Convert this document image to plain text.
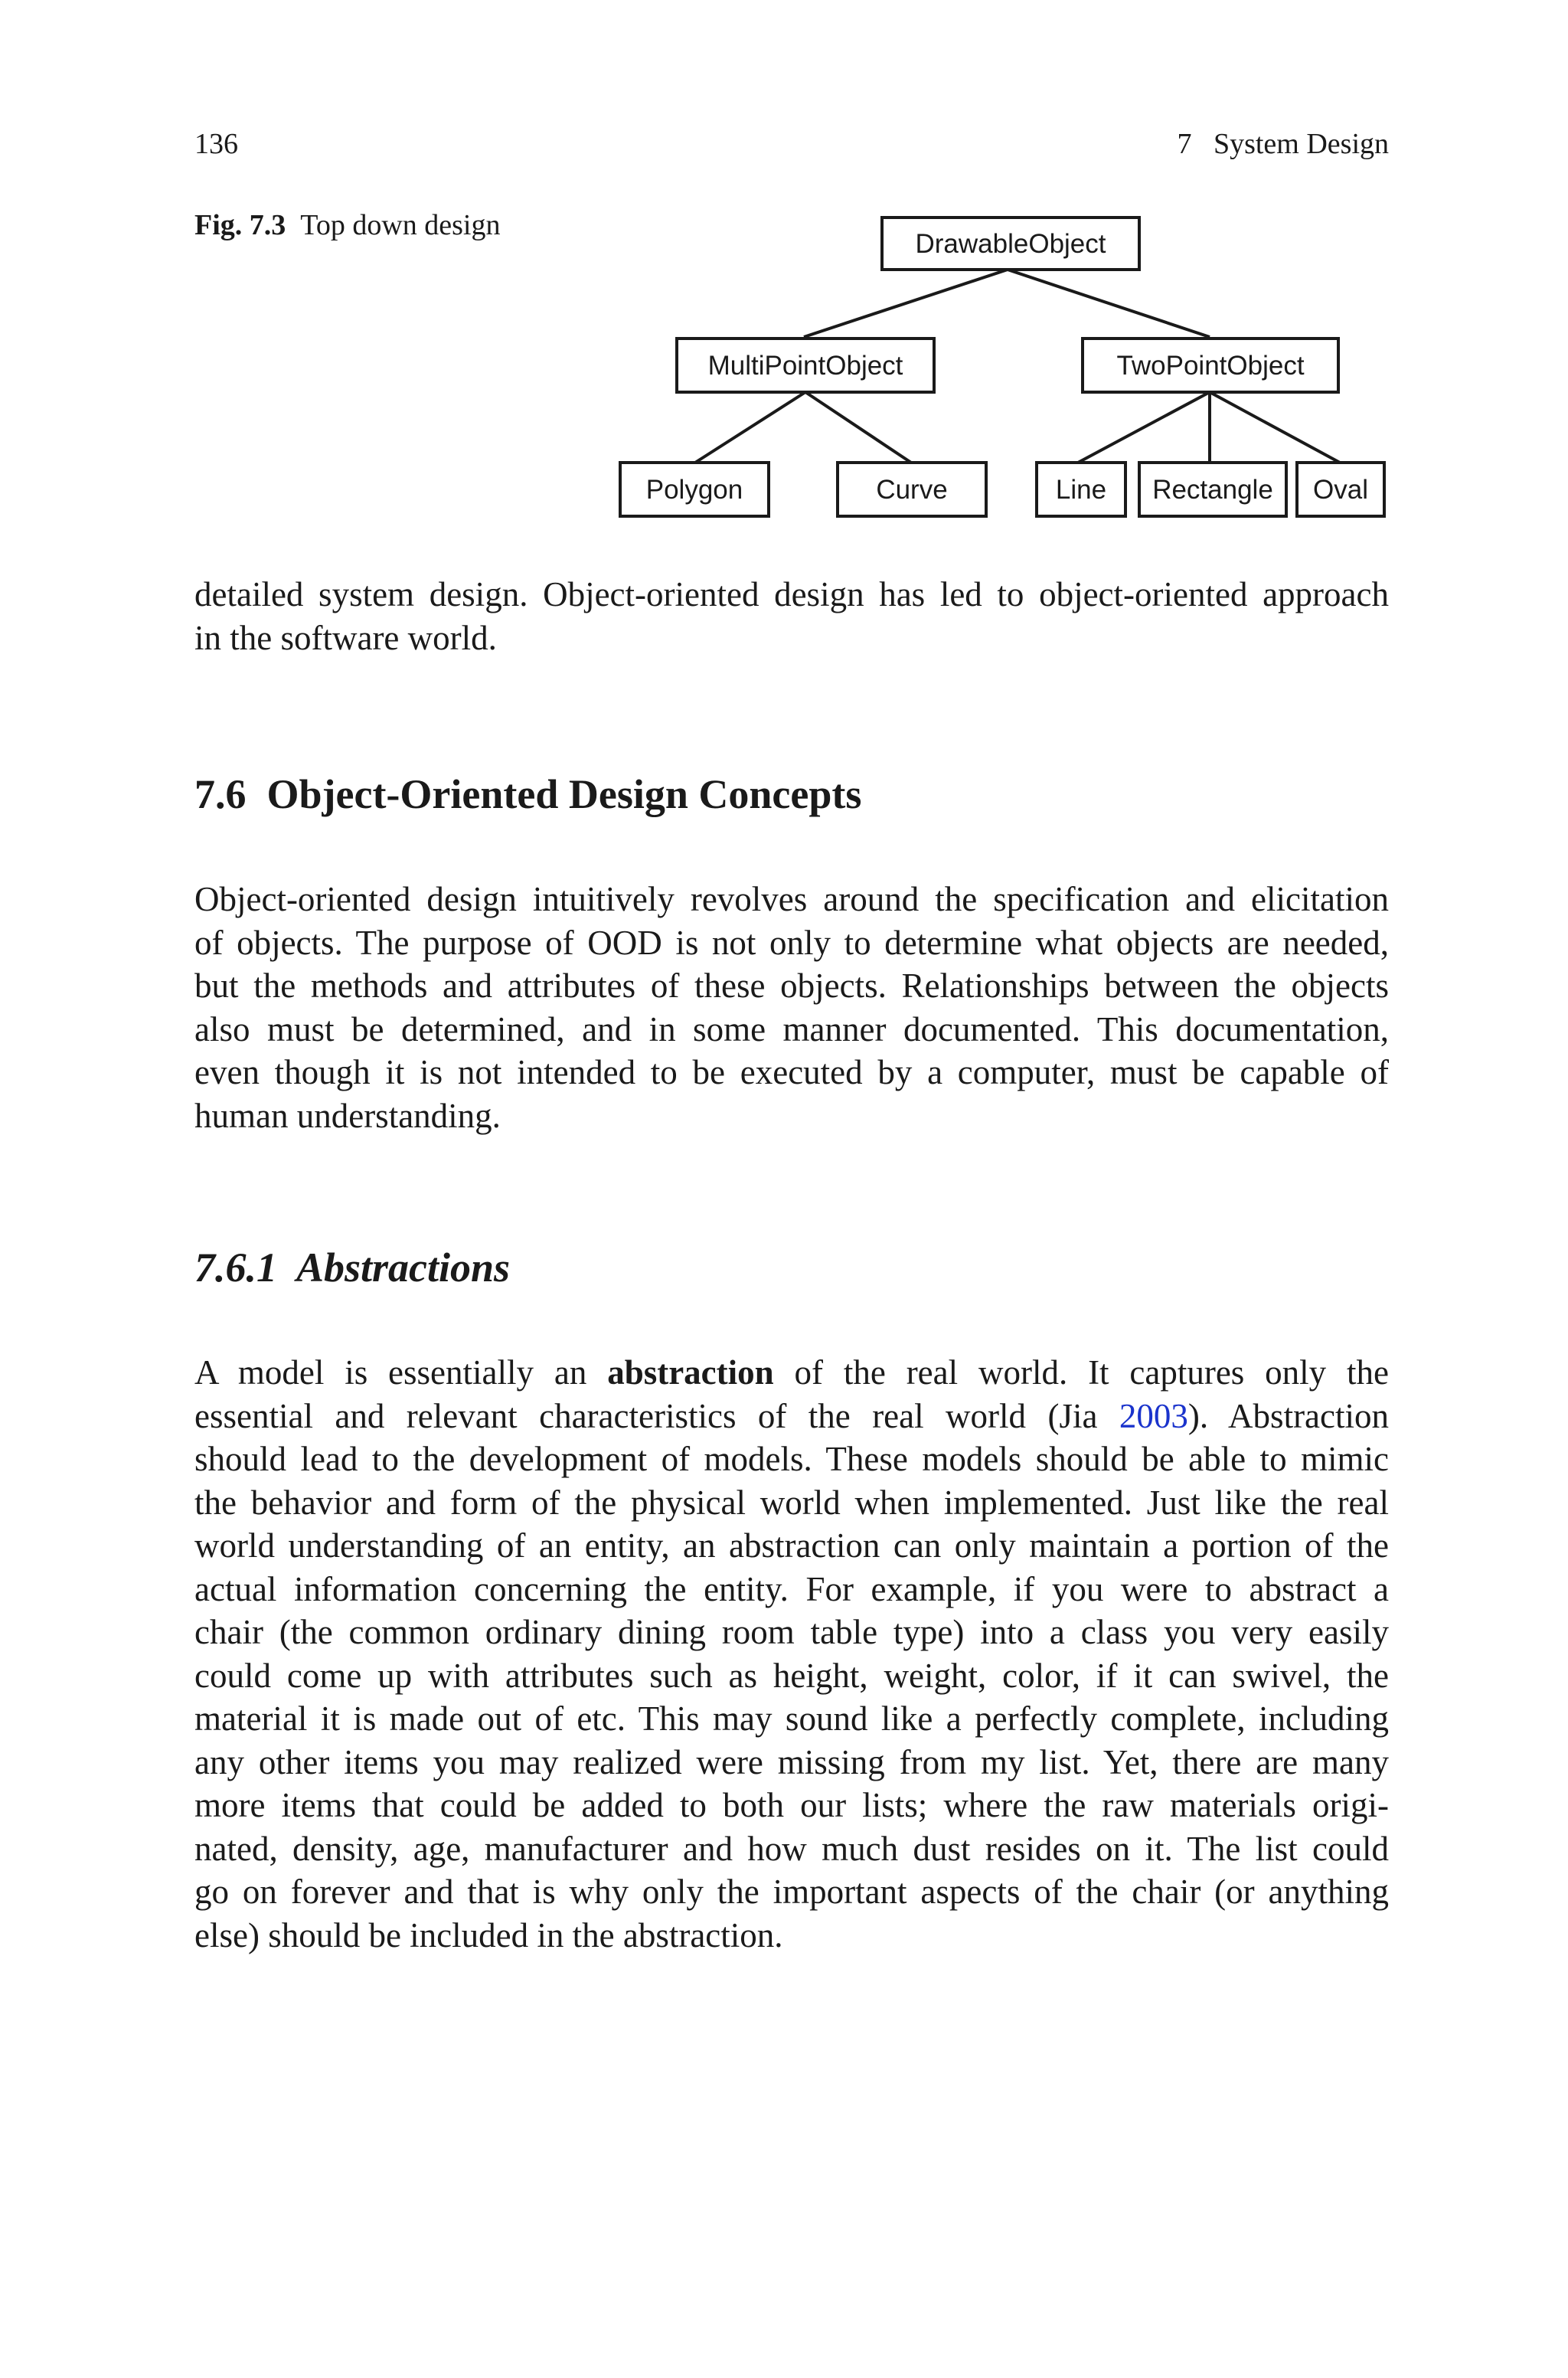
136	7   System Design
Fig. 7.3 Top down design
DrawableObject
MultiPointObject	TwoPointObject
Polygon	Curve	Line Rectangle Oval
detailed system design. Object-oriented design has led to object-oriented approach
in the software world.
7.6  Object-Oriented Design Concepts
Object-oriented design intuitively revolves around the specification and elicitation
of objects. The purpose of OOD is not only to determine what objects are needed,
but the methods and attributes of these objects. Relationships between the objects
also must be determined, and in some manner documented. This documentation,
even though it is not intended to be executed by a computer, must be capable of
human understanding.
7.6.1  Abstractions
A model is essentially an abstraction of the real world. It captures only the
essential and relevant characteristics of the real world (Jia 2003). Abstraction
should lead to the development of models. These models should be able to mimic
the behavior and form of the physical world when implemented. Just like the real
world understanding of an entity, an abstraction can only maintain a portion of the
actual information concerning the entity. For example, if you were to abstract a
chair (the common ordinary dining room table type) into a class you very easily
could come up with attributes such as height, weight, color, if it can swivel, the
material it is made out of etc. This may sound like a perfectly complete, including
any other items you may realized were missing from my list. Yet, there are many
more items that could be added to both our lists; where the raw materials origi-
nated, density, age, manufacturer and how much dust resides on it. The list could
go on forever and that is why only the important aspects of the chair (or anything
else) should be included in the abstraction.
